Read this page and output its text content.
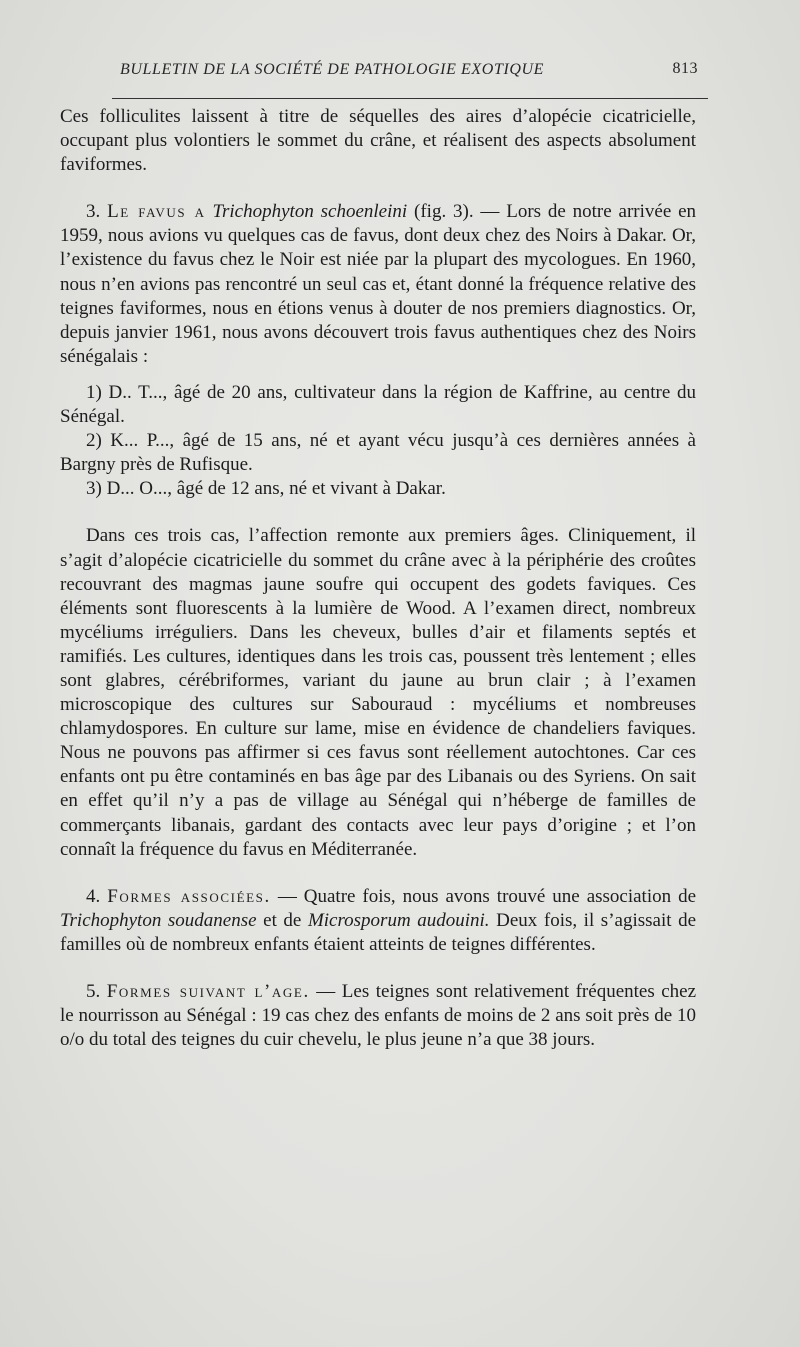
BULLETIN DE LA SOCIÉTÉ DE PATHOLOGIE EXOTIQUE	813

Ces folliculites laissent à titre de séquelles des aires d’alopécie cicatricielle, occupant plus volontiers le sommet du crâne, et réalisent des aspects absolument faviformes.

3. Le favus a Trichophyton schoenleini (fig. 3). — Lors de notre arrivée en 1959, nous avions vu quelques cas de favus, dont deux chez des Noirs à Dakar. Or, l’existence du favus chez le Noir est niée par la plupart des mycologues. En 1960, nous n’en avions pas rencontré un seul cas et, étant donné la fréquence relative des teignes faviformes, nous en étions venus à douter de nos premiers diagnostics. Or, depuis janvier 1961, nous avons découvert trois favus authentiques chez des Noirs sénégalais :

1) D.. T..., âgé de 20 ans, cultivateur dans la région de Kaffrine, au centre du Sénégal.

2) K... P..., âgé de 15 ans, né et ayant vécu jusqu’à ces dernières années à Bargny près de Rufisque.

3) D... O..., âgé de 12 ans, né et vivant à Dakar.

Dans ces trois cas, l’affection remonte aux premiers âges. Cliniquement, il s’agit d’alopécie cicatricielle du sommet du crâne avec à la périphérie des croûtes recouvrant des magmas jaune soufre qui occupent des godets faviques. Ces éléments sont fluorescents à la lumière de Wood. A l’examen direct, nombreux mycéliums irréguliers. Dans les cheveux, bulles d’air et filaments septés et ramifiés. Les cultures, identiques dans les trois cas, poussent très lentement ; elles sont glabres, cérébriformes, variant du jaune au brun clair ; à l’examen microscopique des cultures sur Sabouraud : mycéliums et nombreuses chlamydospores. En culture sur lame, mise en évidence de chandeliers faviques. Nous ne pouvons pas affirmer si ces favus sont réellement autochtones. Car ces enfants ont pu être contaminés en bas âge par des Libanais ou des Syriens. On sait en effet qu’il n’y a pas de village au Sénégal qui n’héberge de familles de commerçants libanais, gardant des contacts avec leur pays d’origine ; et l’on connaît la fréquence du favus en Méditerranée.

4. Formes associées. — Quatre fois, nous avons trouvé une association de Trichophyton soudanense et de Microsporum audouini. Deux fois, il s’agissait de familles où de nombreux enfants étaient atteints de teignes différentes.

5. Formes suivant l’age. — Les teignes sont relativement fréquentes chez le nourrisson au Sénégal : 19 cas chez des enfants de moins de 2 ans soit près de 10 o/o du total des teignes du cuir chevelu, le plus jeune n’a que 38 jours.
